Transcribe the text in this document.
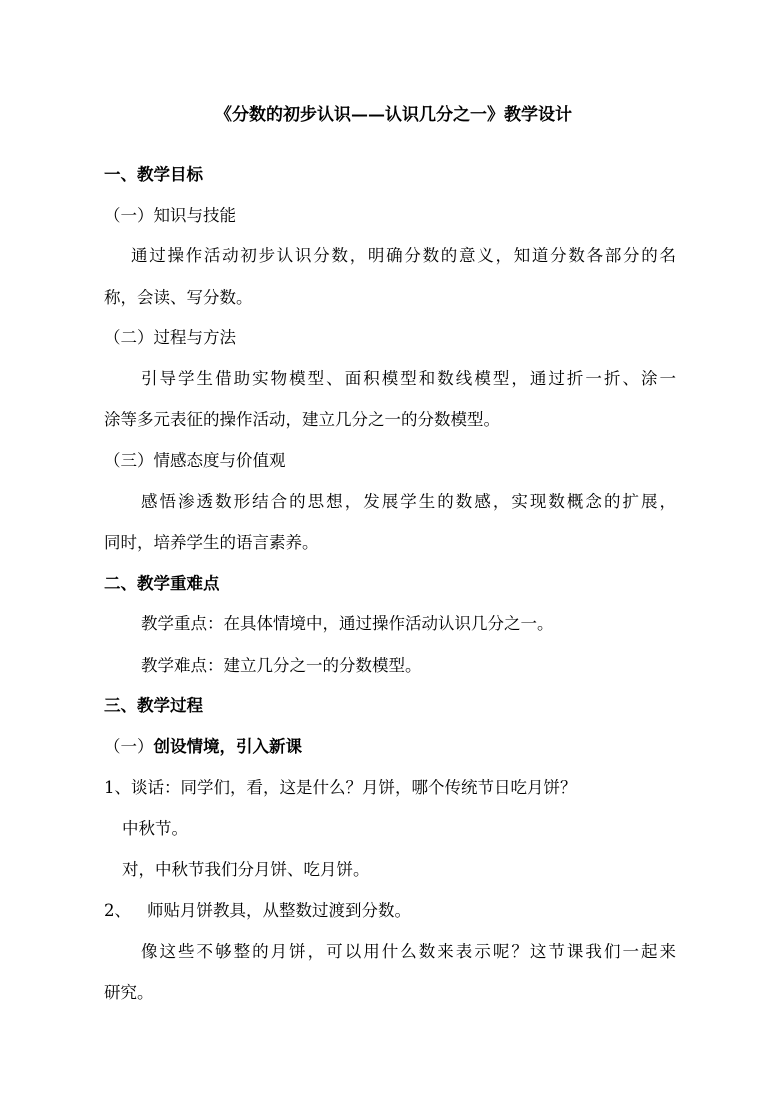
《分数的初步认识——认识几分之一》教学设计
一、教学目标
（一）知识与技能
通过操作活动初步认识分数，明确分数的意义，知道分数各部分的名
称，会读、写分数。
（二）过程与方法
引导学生借助实物模型、面积模型和数线模型，通过折一折、涂一
涂等多元表征的操作活动，建立几分之一的分数模型。
（三）情感态度与价值观
感悟渗透数形结合的思想，发展学生的数感，实现数概念的扩展，
同时，培养学生的语言素养。
二、教学重难点
教学重点：在具体情境中，通过操作活动认识几分之一。
教学难点：建立几分之一的分数模型。
三、教学过程
（一）创设情境，引入新课
1、谈话：同学们，看，这是什么？月饼，哪个传统节日吃月饼？
中秋节。
对，中秋节我们分月饼、吃月饼。
2、 师贴月饼教具，从整数过渡到分数。
像这些不够整的月饼，可以用什么数来表示呢？这节课我们一起来
研究。
